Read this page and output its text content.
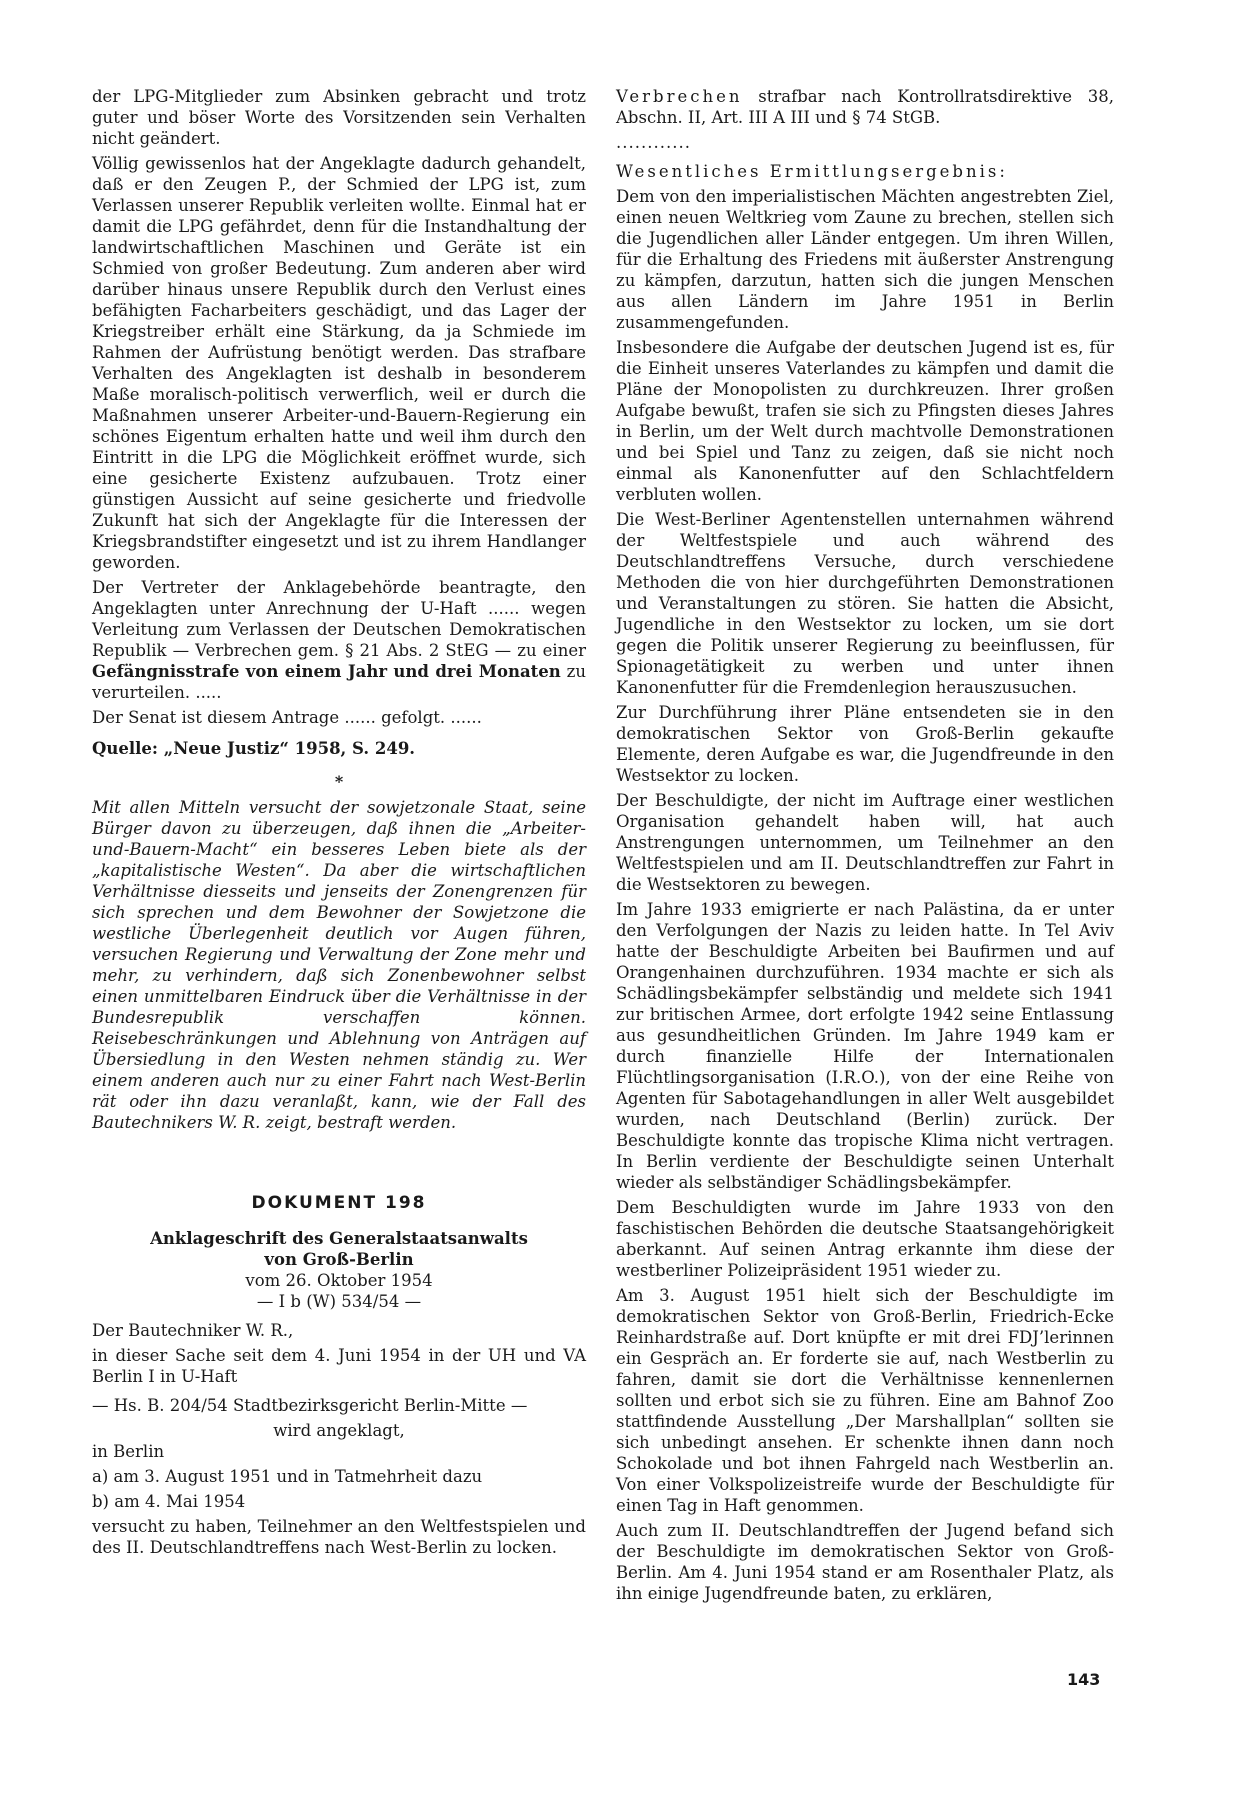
der LPG-Mitglieder zum Absinken gebracht und trotz guter und böser Worte des Vorsitzenden sein Verhalten nicht geändert.

Völlig gewissenlos hat der Angeklagte dadurch gehandelt, daß er den Zeugen P., der Schmied der LPG ist, zum Verlassen unserer Republik verleiten wollte. Einmal hat er damit die LPG gefährdet, denn für die Instandhaltung der landwirtschaftlichen Maschinen und Geräte ist ein Schmied von großer Bedeutung. Zum anderen aber wird darüber hinaus unsere Republik durch den Verlust eines befähigten Facharbeiters geschädigt, und das Lager der Kriegstreiber erhält eine Stärkung, da ja Schmiede im Rahmen der Aufrüstung benötigt werden. Das strafbare Verhalten des Angeklagten ist deshalb in besonderem Maße moralisch-politisch verwerflich, weil er durch die Maßnahmen unserer Arbeiter-und-Bauern-Regierung ein schönes Eigentum erhalten hatte und weil ihm durch den Eintritt in die LPG die Möglichkeit eröffnet wurde, sich eine gesicherte Existenz aufzubauen. Trotz einer günstigen Aussicht auf seine gesicherte und friedvolle Zukunft hat sich der Angeklagte für die Interessen der Kriegsbrandstifter eingesetzt und ist zu ihrem Handlanger geworden.

Der Vertreter der Anklagebehörde beantragte, den Angeklagten unter Anrechnung der U-Haft ...... wegen Verleitung zum Verlassen der Deutschen Demokratischen Republik — Verbrechen gem. § 21 Abs. 2 StEG — zu einer Gefängnisstrafe von einem Jahr und drei Monaten zu verurteilen. .....

Der Senat ist diesem Antrage ...... gefolgt. ......

Quelle: „Neue Justiz“ 1958, S. 249.

*

Mit allen Mitteln versucht der sowjetzonale Staat, seine Bürger davon zu überzeugen, daß ihnen die „Arbeiter-und-Bauern-Macht“ ein besseres Leben biete als der „kapitalistische Westen“. Da aber die wirtschaftlichen Verhältnisse diesseits und jenseits der Zonengrenzen für sich sprechen und dem Bewohner der Sowjetzone die westliche Überlegenheit deutlich vor Augen führen, versuchen Regierung und Verwaltung der Zone mehr und mehr, zu verhindern, daß sich Zonenbewohner selbst einen unmittelbaren Eindruck über die Verhältnisse in der Bundesrepublik verschaffen können. Reisebeschränkungen und Ablehnung von Anträgen auf Übersiedlung in den Westen nehmen ständig zu. Wer einem anderen auch nur zu einer Fahrt nach West-Berlin rät oder ihn dazu veranlaßt, kann, wie der Fall des Bautechnikers W. R. zeigt, bestraft werden.

DOKUMENT 198

Anklageschrift des Generalstaatsanwalts

von Groß-Berlin

vom 26. Oktober 1954

— I b (W) 534/54 —

Der Bautechniker W. R.,

in dieser Sache seit dem 4. Juni 1954 in der UH und VA Berlin I in U-Haft

— Hs. B. 204/54 Stadtbezirksgericht Berlin-Mitte —

wird angeklagt,

in Berlin

a) am 3. August 1951 und in Tatmehrheit dazu

b) am 4. Mai 1954

versucht zu haben, Teilnehmer an den Weltfestspielen und des II. Deutschlandtreffens nach West-Berlin zu locken.

Verbrechen strafbar nach Kontrollratsdirektive 38, Abschn. II, Art. III A III und § 74 StGB.

............

Wesentliches Ermittlungsergebnis:

Dem von den imperialistischen Mächten angestrebten Ziel, einen neuen Weltkrieg vom Zaune zu brechen, stellen sich die Jugendlichen aller Länder entgegen. Um ihren Willen, für die Erhaltung des Friedens mit äußerster Anstrengung zu kämpfen, darzutun, hatten sich die jungen Menschen aus allen Ländern im Jahre 1951 in Berlin zusammengefunden.

Insbesondere die Aufgabe der deutschen Jugend ist es, für die Einheit unseres Vaterlandes zu kämpfen und damit die Pläne der Monopolisten zu durchkreuzen. Ihrer großen Aufgabe bewußt, trafen sie sich zu Pfingsten dieses Jahres in Berlin, um der Welt durch machtvolle Demonstrationen und bei Spiel und Tanz zu zeigen, daß sie nicht noch einmal als Kanonenfutter auf den Schlachtfeldern verbluten wollen.

Die West-Berliner Agentenstellen unternahmen während der Weltfestspiele und auch während des Deutschlandtreffens Versuche, durch verschiedene Methoden die von hier durchgeführten Demonstrationen und Veranstaltungen zu stören. Sie hatten die Absicht, Jugendliche in den Westsektor zu locken, um sie dort gegen die Politik unserer Regierung zu beeinflussen, für Spionagetätigkeit zu werben und unter ihnen Kanonenfutter für die Fremdenlegion herauszusuchen.

Zur Durchführung ihrer Pläne entsendeten sie in den demokratischen Sektor von Groß-Berlin gekaufte Elemente, deren Aufgabe es war, die Jugendfreunde in den Westsektor zu locken.

Der Beschuldigte, der nicht im Auftrage einer westlichen Organisation gehandelt haben will, hat auch Anstrengungen unternommen, um Teilnehmer an den Weltfestspielen und am II. Deutschlandtreffen zur Fahrt in die Westsektoren zu bewegen.

Im Jahre 1933 emigrierte er nach Palästina, da er unter den Verfolgungen der Nazis zu leiden hatte. In Tel Aviv hatte der Beschuldigte Arbeiten bei Baufirmen und auf Orangenhainen durchzuführen. 1934 machte er sich als Schädlingsbekämpfer selbständig und meldete sich 1941 zur britischen Armee, dort erfolgte 1942 seine Entlassung aus gesundheitlichen Gründen. Im Jahre 1949 kam er durch finanzielle Hilfe der Internationalen Flüchtlingsorganisation (I.R.O.), von der eine Reihe von Agenten für Sabotagehandlungen in aller Welt ausgebildet wurden, nach Deutschland (Berlin) zurück. Der Beschuldigte konnte das tropische Klima nicht vertragen. In Berlin verdiente der Beschuldigte seinen Unterhalt wieder als selbständiger Schädlingsbekämpfer.

Dem Beschuldigten wurde im Jahre 1933 von den faschistischen Behörden die deutsche Staatsangehörigkeit aberkannt. Auf seinen Antrag erkannte ihm diese der westberliner Polizeipräsident 1951 wieder zu.

Am 3. August 1951 hielt sich der Beschuldigte im demokratischen Sektor von Groß-Berlin, Friedrich-Ecke Reinhardstraße auf. Dort knüpfte er mit drei FDJ’lerinnen ein Gespräch an. Er forderte sie auf, nach Westberlin zu fahren, damit sie dort die Verhältnisse kennenlernen sollten und erbot sich sie zu führen. Eine am Bahnof Zoo stattfindende Ausstellung „Der Marshallplan“ sollten sie sich unbedingt ansehen. Er schenkte ihnen dann noch Schokolade und bot ihnen Fahrgeld nach Westberlin an. Von einer Volkspolizeistreife wurde der Beschuldigte für einen Tag in Haft genommen.

Auch zum II. Deutschlandtreffen der Jugend befand sich der Beschuldigte im demokratischen Sektor von Groß-Berlin. Am 4. Juni 1954 stand er am Rosenthaler Platz, als ihn einige Jugendfreunde baten, zu erklären,

143
